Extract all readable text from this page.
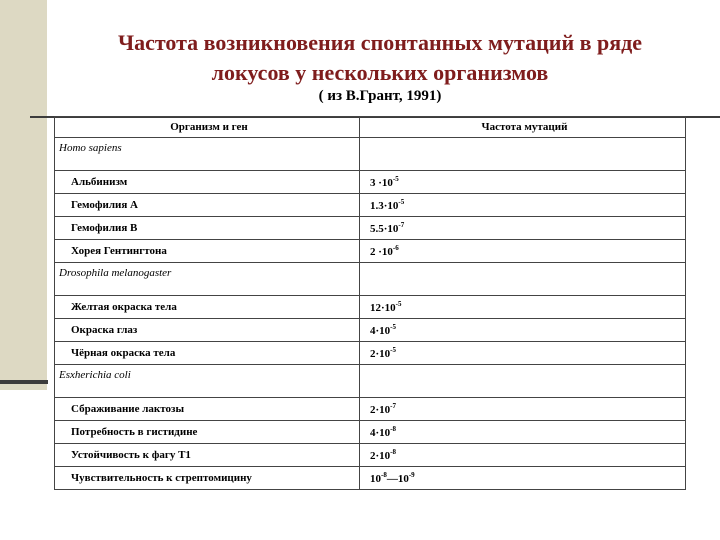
Частота возникновения спонтанных мутаций в ряде
локусов у нескольких организмов
( из В.Грант, 1991)
Организм и ген	Частота мутаций
Homo sapiens	
Альбинизм	$3 \cdot 10^{-5}$
Гемофилия А	$1.3\cdot 10^{-5}$
Гемофилия В	$5.5\cdot 10^{-7}$
Хорея Гентингтона	$2 \cdot 10^{-6}$
Drosophila melanogaster	
Желтая окраска тела	$12\cdot 10^{-5}$
Окраска глаз	$4\cdot 10^{-5}$
Чёрная окраска тела	$2\cdot 10^{-5}$
Esxherichia coli	
Сбраживание лактозы	$2\cdot 10^{-7}$
Потребность в гистидине	$4\cdot 10^{-8}$
Устойчивость к фагу Т1	$2\cdot 10^{-8}$
Чувствительность к стрептомицину	$10^{-8}—10^{-9}$
